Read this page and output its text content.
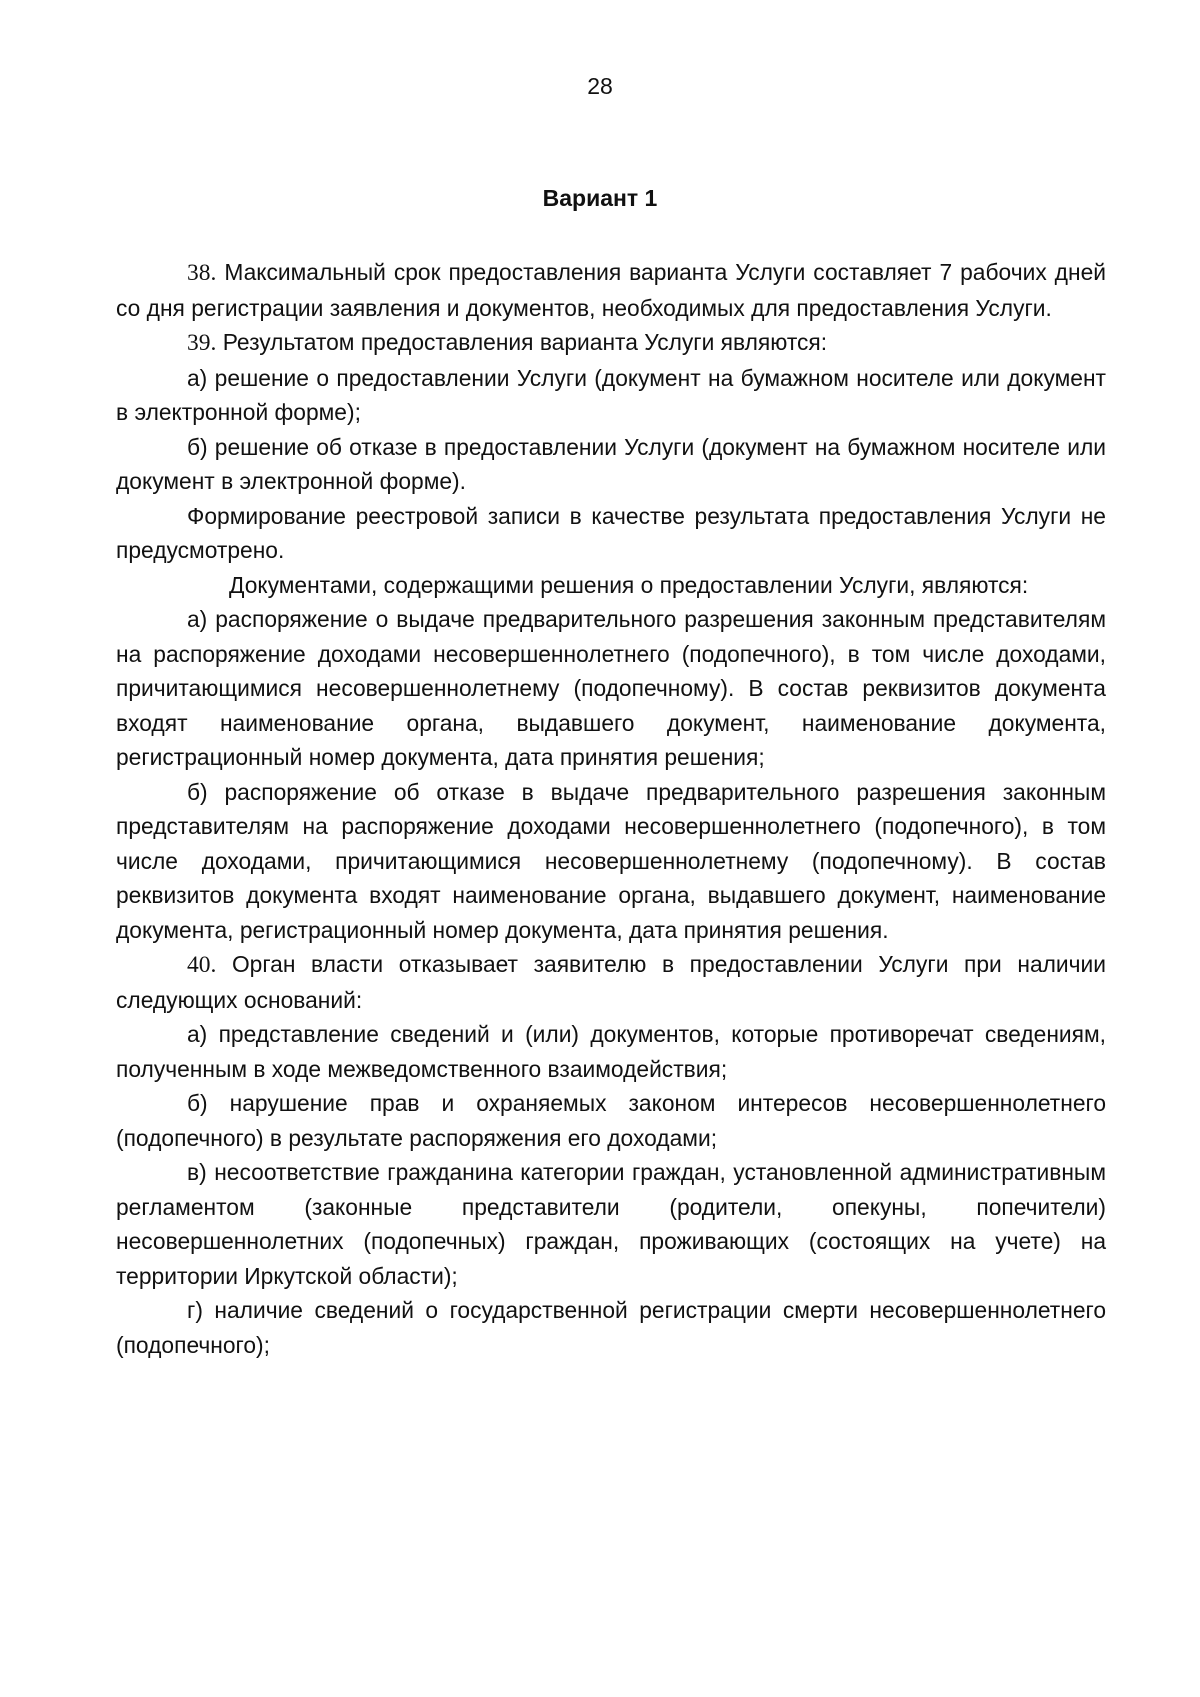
28
Вариант 1

38. Максимальный срок предоставления варианта Услуги составляет 7 рабочих дней со дня регистрации заявления и документов, необходимых для предоставления Услуги.

39. Результатом предоставления варианта Услуги являются:

а) решение о предоставлении Услуги (документ на бумажном носителе или документ в электронной форме);

б) решение об отказе в предоставлении Услуги (документ на бумажном носителе или документ в электронной форме).

Формирование реестровой записи в качестве результата предоставления Услуги не предусмотрено.

Документами, содержащими решения о предоставлении Услуги, являются:

а) распоряжение о выдаче предварительного разрешения законным представителям на распоряжение доходами несовершеннолетнего (подопечного), в том числе доходами, причитающимися несовершеннолетнему (подопечному). В состав реквизитов документа входят наименование органа, выдавшего документ, наименование документа, регистрационный номер документа, дата принятия решения;

б) распоряжение об отказе в выдаче предварительного разрешения законным представителям на распоряжение доходами несовершеннолетнего (подопечного), в том числе доходами, причитающимися несовершеннолетнему (подопечному). В состав реквизитов документа входят наименование органа, выдавшего документ, наименование документа, регистрационный номер документа, дата принятия решения.

40. Орган власти отказывает заявителю в предоставлении Услуги при наличии следующих оснований:

а) представление сведений и (или) документов, которые противоречат сведениям, полученным в ходе межведомственного взаимодействия;

б) нарушение прав и охраняемых законом интересов несовершеннолетнего (подопечного) в результате распоряжения его доходами;

в) несоответствие гражданина категории граждан, установленной административным регламентом (законные представители (родители, опекуны, попечители) несовершеннолетних (подопечных) граждан, проживающих (состоящих на учете) на территории Иркутской области);

г) наличие сведений о государственной регистрации смерти несовершеннолетнего (подопечного);
